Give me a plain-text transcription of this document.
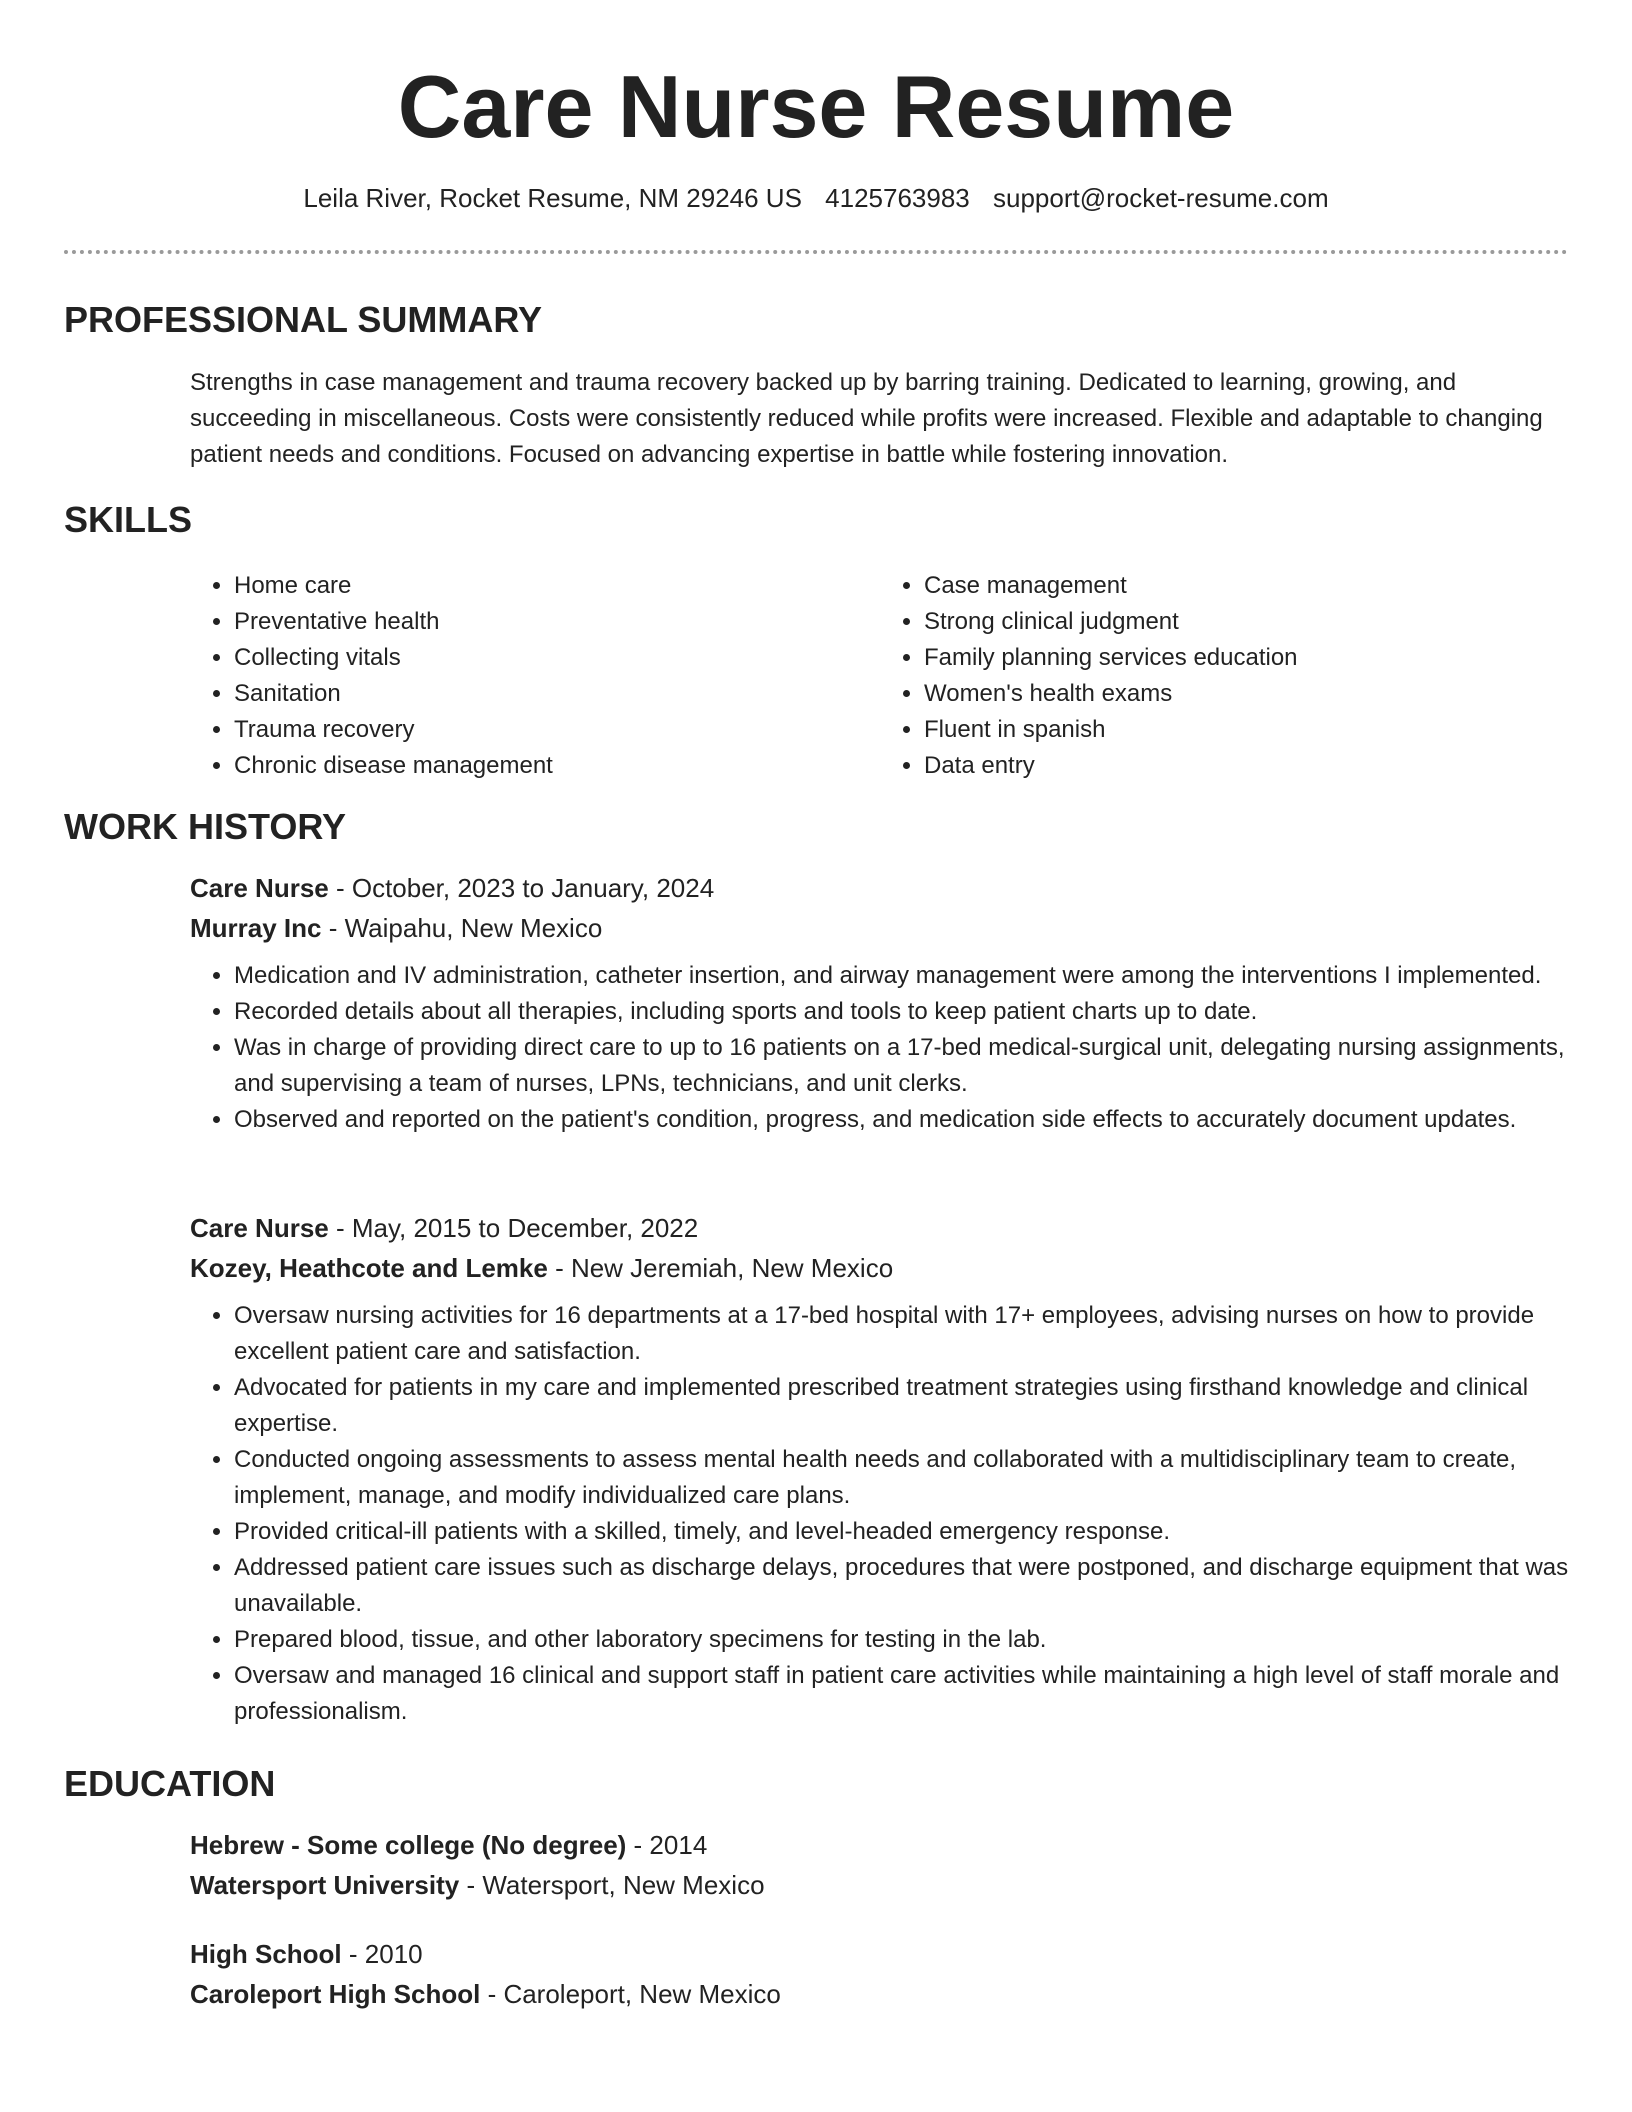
Care Nurse Resume
Leila River, Rocket Resume, NM 29246 US 4125763983 support@rocket-resume.com
PROFESSIONAL SUMMARY

Strengths in case management and trauma recovery backed up by barring training. Dedicated to learning, growing, and succeeding in miscellaneous. Costs were consistently reduced while profits were increased. Flexible and adaptable to changing patient needs and conditions. Focused on advancing expertise in battle while fostering innovation.

SKILLS
• Home care
• Preventative health
• Collecting vitals
• Sanitation
• Trauma recovery
• Chronic disease management
• Case management
• Strong clinical judgment
• Family planning services education
• Women's health exams
• Fluent in spanish
• Data entry
WORK HISTORY

Care Nurse - October, 2023 to January, 2024

Murray Inc - Waipahu, New Mexico

• Medication and IV administration, catheter insertion, and airway management were among the interventions I implemented.
• Recorded details about all therapies, including sports and tools to keep patient charts up to date.
• Was in charge of providing direct care to up to 16 patients on a 17-bed medical-surgical unit, delegating nursing assignments, and supervising a team of nurses, LPNs, technicians, and unit clerks.
• Observed and reported on the patient's condition, progress, and medication side effects to accurately document updates.

Care Nurse - May, 2015 to December, 2022

Kozey, Heathcote and Lemke - New Jeremiah, New Mexico

• Oversaw nursing activities for 16 departments at a 17-bed hospital with 17+ employees, advising nurses on how to provide excellent patient care and satisfaction.
• Advocated for patients in my care and implemented prescribed treatment strategies using firsthand knowledge and clinical expertise.
• Conducted ongoing assessments to assess mental health needs and collaborated with a multidisciplinary team to create, implement, manage, and modify individualized care plans.
• Provided critical-ill patients with a skilled, timely, and level-headed emergency response.
• Addressed patient care issues such as discharge delays, procedures that were postponed, and discharge equipment that was unavailable.
• Prepared blood, tissue, and other laboratory specimens for testing in the lab.
• Oversaw and managed 16 clinical and support staff in patient care activities while maintaining a high level of staff morale and professionalism.
EDUCATION

Hebrew - Some college (No degree) - 2014

Watersport University - Watersport, New Mexico

High School - 2010

Caroleport High School - Caroleport, New Mexico
